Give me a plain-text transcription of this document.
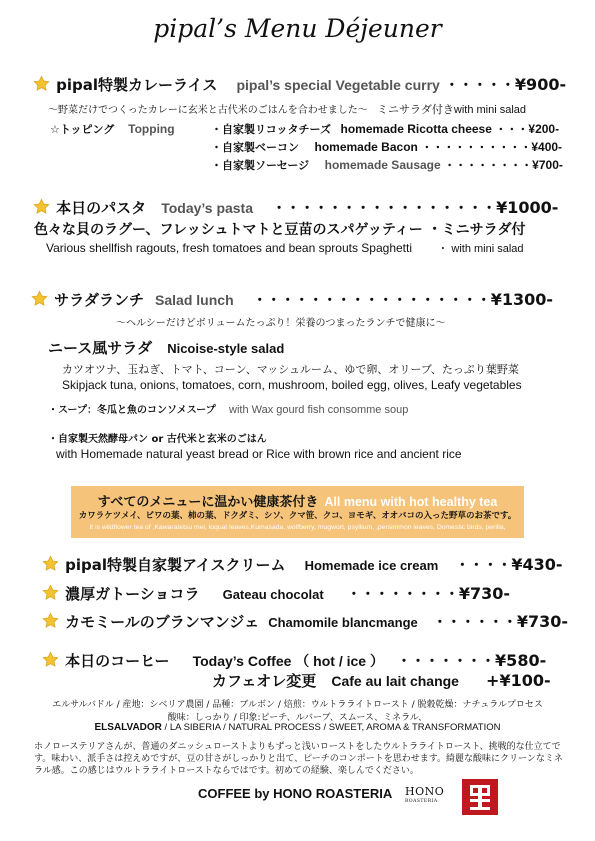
pipal’s Menu Déjeuner
pipal特製カレーライス pipal’s special Vegetable curry ・・・・・¥900-
～野菜だけでつくったカレーに玄米と古代米のごはんを合わせました～ ミニサラダ付きwith mini salad
☆トッピング Topping	・自家製リコッタチーズ homemade Ricotta cheese ・・・¥200-
・自家製ベーコン homemade Bacon ・・・・・・・・・・¥400-
・自家製ソーセージ homemade Sausage ・・・・・・・・¥700-
本日のパスタ Today’s pasta ・・・・・・・・・・・・・・・・¥1000-
色々な貝のラグー、フレッシュトマトと豆苗のスパゲッティー ・ミニサラダ付
Various shellfish ragouts, fresh tomatoes and bean sprouts Spaghetti ・ with mini salad
サラダランチ Salad lunch ・・・・・・・・・・・・・・・・・¥1300-
～ヘルシーだけどボリュームたっぷり！栄養のつまったランチで健康に～
ニース風サラダ Nicoise-style salad
カツオツナ、玉ねぎ、トマト、コーン、マッシュルーム、ゆで卵、オリーブ、たっぷり葉野菜
Skipjack tuna, onions, tomatoes, corn, mushroom, boiled egg, olives, Leafy vegetables
・スープ：冬瓜と魚のコンソメスープ with Wax gourd fish consomme soup
・自家製天然酵母パン or 古代米と玄米のごはん
with Homemade natural yeast bread or Rice with brown rice and ancient rice
すべてのメニューに温かい健康茶付き All menu with hot healthy tea
カワラケツメイ、ビワの葉、柿の葉、ドクダミ、シソ、クマ笹、クコ、ヨモギ、オオバコの入った野草のお茶です。
It is wildflower tea of ,Kawaratetsu mei, loquat leaves,Kumasada, wolfberry, mugwort, psyllium, ,persimmon leaves, Domestic birds, perilla,
pipal特製自家製アイスクリーム Homemade ice cream ・・・・¥430-
濃厚ガトーショコラ Gateau chocolat ・・・・・・・・¥730-
カモミールのブランマンジェ Chamomile blancmange ・・・・・・¥730-
本日のコーヒー Today’s Coffee （ hot / ice ） ・・・・・・・¥580-
カフェオレ変更 Cafe au lait change +¥100-
エルサルバドル / 産地：シベリア農園 / 品種：ブルボン / 焙煎：ウルトラライトロースト / 脱穀乾燥：ナチュラルプロセス
酸味：しっかり / 印象:ピーチ、ルバーブ、スムース、ミネラル、
ELSALVADOR / LA SIBERIA / NATURAL PROCESS / SWEET, AROMA & TRANSFORMATION
ホノローステリアさんが、普通のダニッシュローストよりもずっと浅いローストをしたウルトラライトロースト、挑戦的な仕立てで
す。味わい、派手さは控えめですが、豆の甘さがしっかりと出て、ピーチのコンポートを思わせます。綺麗な酸味にクリーンなミネ
ラル感。この感じはウルトラライトローストならではです。初めての経験、楽しんでください。
COFFEE by HONO ROASTERIA HONO
ROASTERIA
